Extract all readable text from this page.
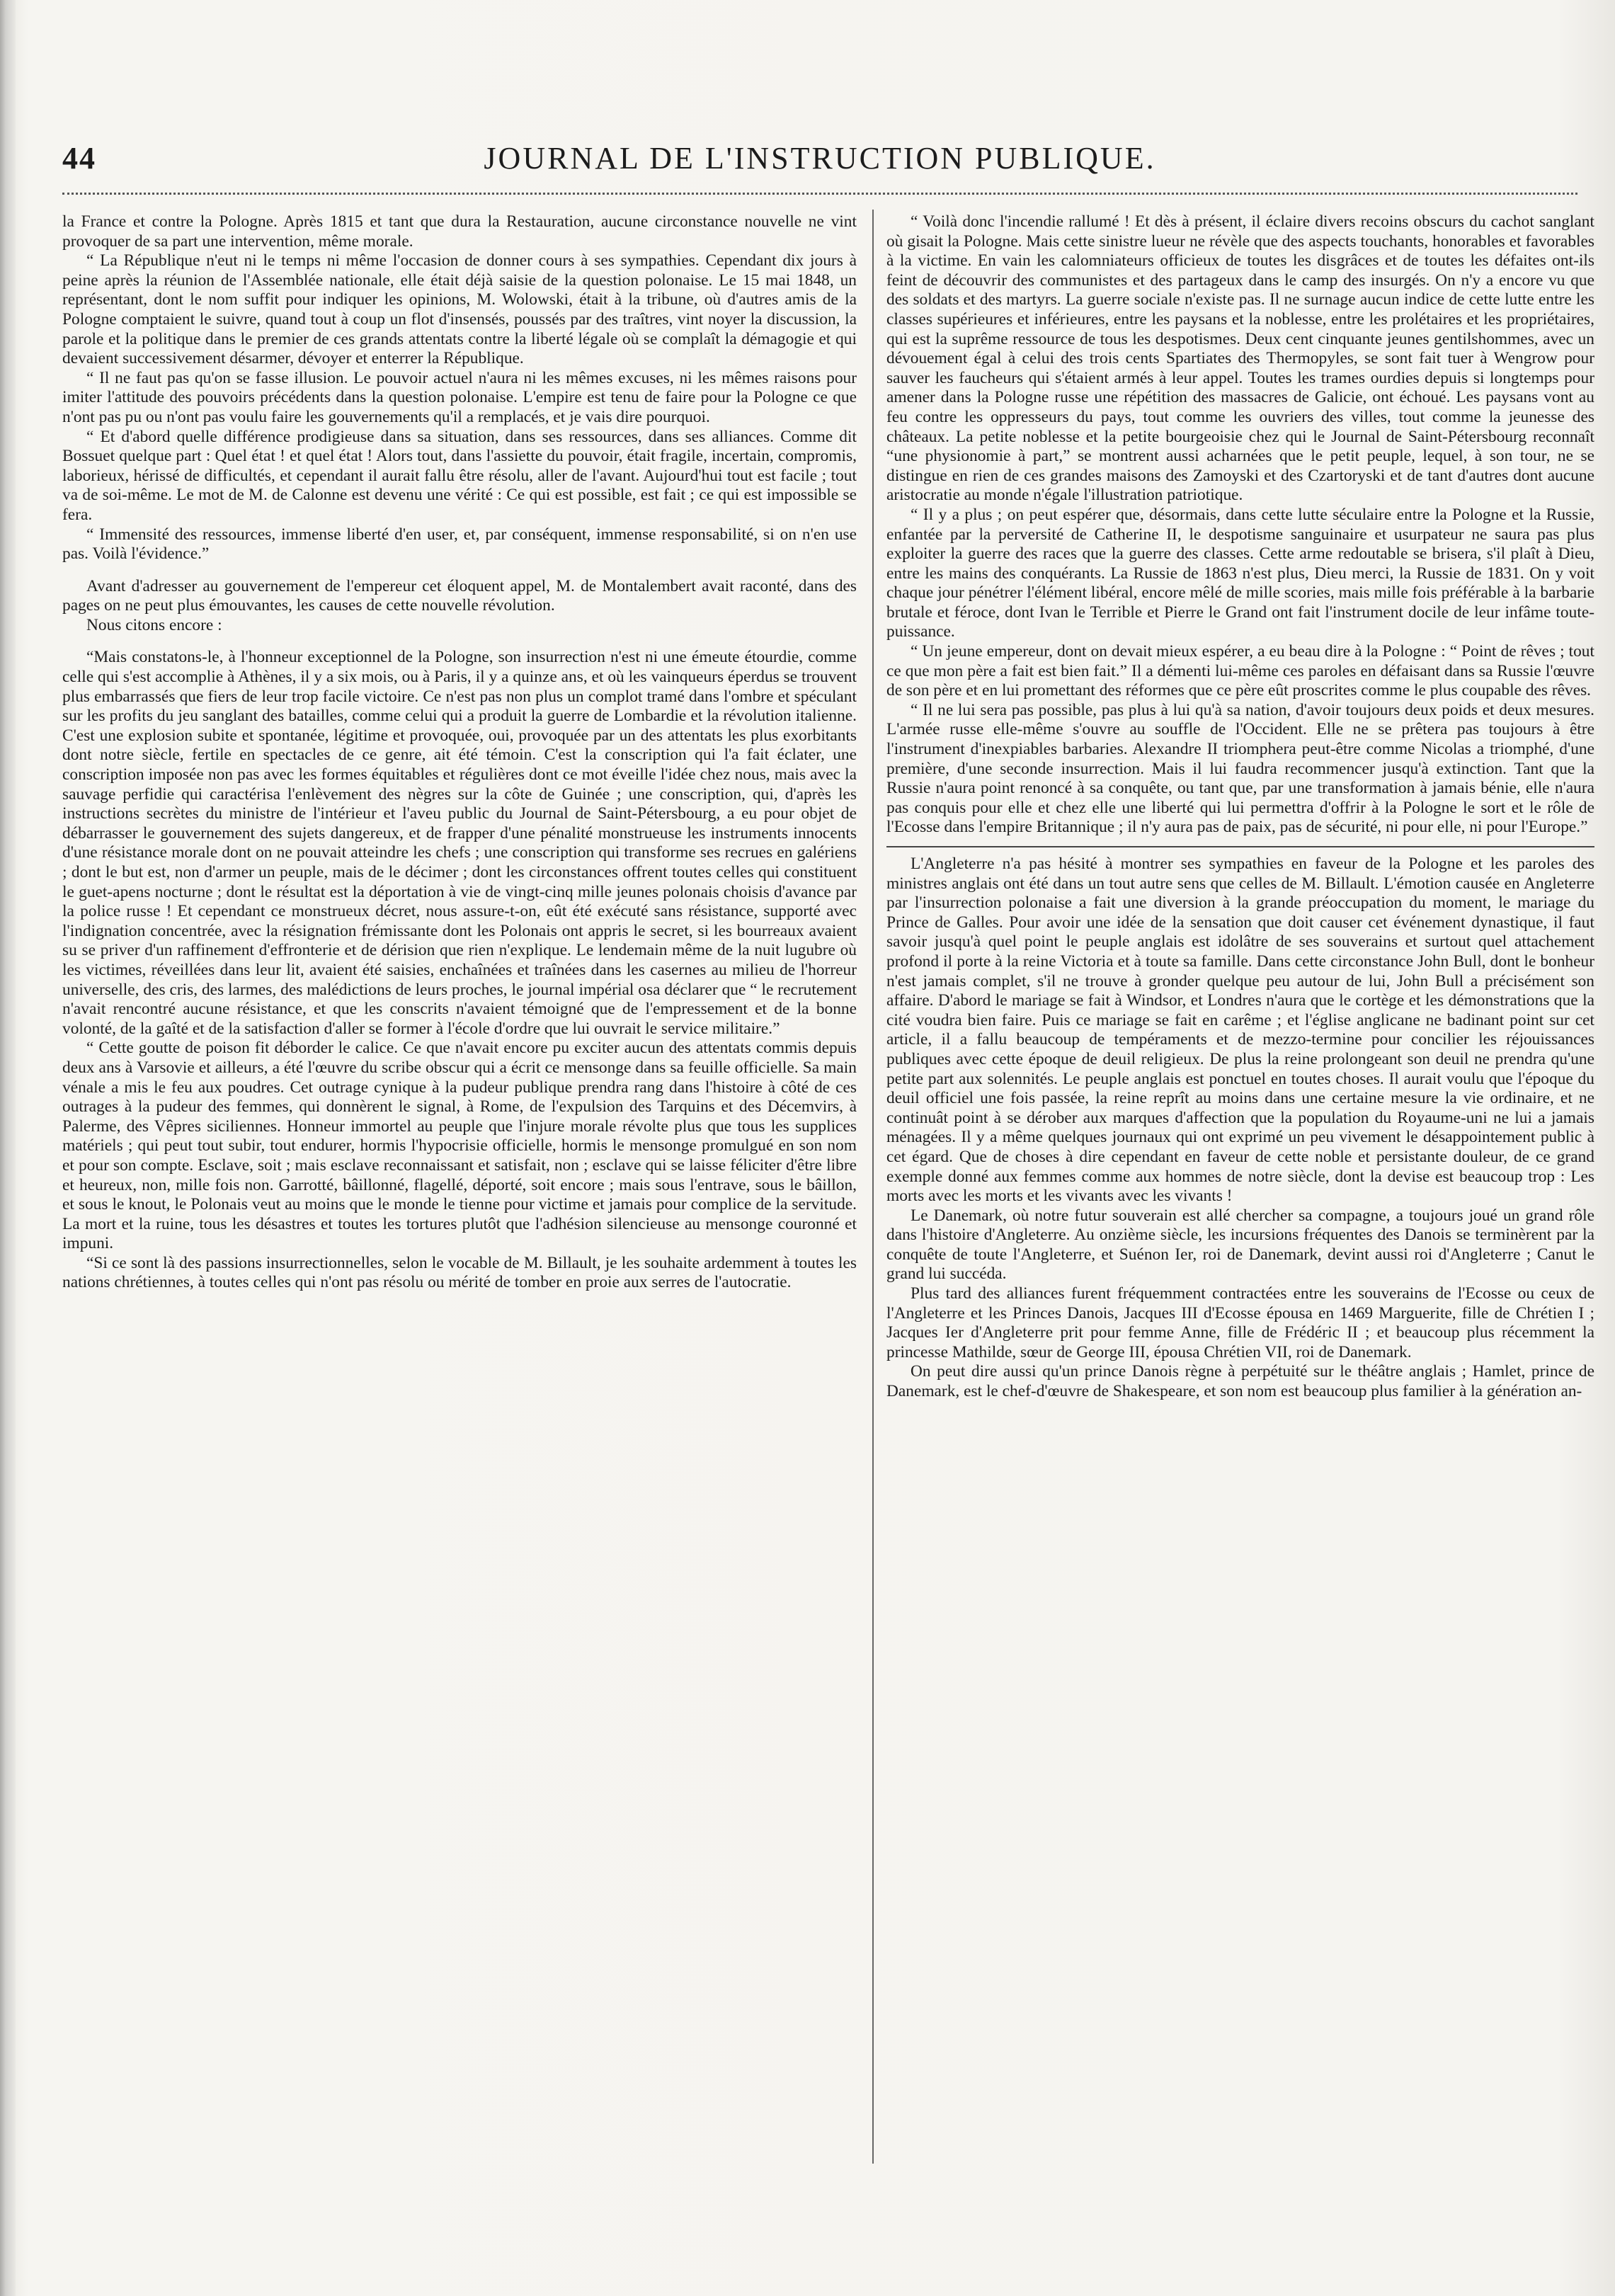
JOURNAL DE L'INSTRUCTION PUBLIQUE.
44

la France et contre la Pologne. Après 1815 et tant que dura la Restauration, aucune circonstance nouvelle ne vint provoquer de sa part une intervention, même morale.

“ La République n'eut ni le temps ni même l'occasion de donner cours à ses sympathies. Cependant dix jours à peine après la réunion de l'Assemblée nationale, elle était déjà saisie de la question polonaise. Le 15 mai 1848, un représentant, dont le nom suffit pour indiquer les opinions, M. Wolowski, était à la tribune, où d'autres amis de la Pologne comptaient le suivre, quand tout à coup un flot d'insensés, poussés par des traîtres, vint noyer la discussion, la parole et la politique dans le premier de ces grands attentats contre la liberté légale où se complaît la démagogie et qui devaient successivement désarmer, dévoyer et enterrer la République.

“ Il ne faut pas qu'on se fasse illusion. Le pouvoir actuel n'aura ni les mêmes excuses, ni les mêmes raisons pour imiter l'attitude des pouvoirs précédents dans la question polonaise. L'empire est tenu de faire pour la Pologne ce que n'ont pas pu ou n'ont pas voulu faire les gouvernements qu'il a remplacés, et je vais dire pourquoi.

“ Et d'abord quelle différence prodigieuse dans sa situation, dans ses ressources, dans ses alliances. Comme dit Bossuet quelque part : Quel état ! et quel état ! Alors tout, dans l'assiette du pouvoir, était fragile, incertain, compromis, laborieux, hérissé de difficultés, et cependant il aurait fallu être résolu, aller de l'avant. Aujourd'hui tout est facile ; tout va de soi-même. Le mot de M. de Calonne est devenu une vérité : Ce qui est possible, est fait ; ce qui est impossible se fera.

“ Immensité des ressources, immense liberté d'en user, et, par conséquent, immense responsabilité, si on n'en use pas. Voilà l'évidence.”

Avant d'adresser au gouvernement de l'empereur cet éloquent appel, M. de Montalembert avait raconté, dans des pages on ne peut plus émouvantes, les causes de cette nouvelle révolution.

Nous citons encore :

“Mais constatons-le, à l'honneur exceptionnel de la Pologne, son insurrection n'est ni une émeute étourdie, comme celle qui s'est accomplie à Athènes, il y a six mois, ou à Paris, il y a quinze ans, et où les vainqueurs éperdus se trouvent plus embarrassés que fiers de leur trop facile victoire. Ce n'est pas non plus un complot tramé dans l'ombre et spéculant sur les profits du jeu sanglant des batailles, comme celui qui a produit la guerre de Lombardie et la révolution italienne. C'est une explosion subite et spontanée, légitime et provoquée, oui, provoquée par un des attentats les plus exorbitants dont notre siècle, fertile en spectacles de ce genre, ait été témoin. C'est la conscription qui l'a fait éclater, une conscription imposée non pas avec les formes équitables et régulières dont ce mot éveille l'idée chez nous, mais avec la sauvage perfidie qui caractérisa l'enlèvement des nègres sur la côte de Guinée ; une conscription, qui, d'après les instructions secrètes du ministre de l'intérieur et l'aveu public du Journal de Saint-Pétersbourg, a eu pour objet de débarrasser le gouvernement des sujets dangereux, et de frapper d'une pénalité monstrueuse les instruments innocents d'une résistance morale dont on ne pouvait atteindre les chefs ; une conscription qui transforme ses recrues en galériens ; dont le but est, non d'armer un peuple, mais de le décimer ; dont les circonstances offrent toutes celles qui constituent le guet-apens nocturne ; dont le résultat est la déportation à vie de vingt-cinq mille jeunes polonais choisis d'avance par la police russe ! Et cependant ce monstrueux décret, nous assure-t-on, eût été exécuté sans résistance, supporté avec l'indignation concentrée, avec la résignation frémissante dont les Polonais ont appris le secret, si les bourreaux avaient su se priver d'un raffinement d'effronterie et de dérision que rien n'explique. Le lendemain même de la nuit lugubre où les victimes, réveillées dans leur lit, avaient été saisies, enchaînées et traînées dans les casernes au milieu de l'horreur universelle, des cris, des larmes, des malédictions de leurs proches, le journal impérial osa déclarer que “ le recrutement n'avait rencontré aucune résistance, et que les conscrits n'avaient témoigné que de l'empressement et de la bonne volonté, de la gaîté et de la satisfaction d'aller se former à l'école d'ordre que lui ouvrait le service militaire.”

“ Cette goutte de poison fit déborder le calice. Ce que n'avait encore pu exciter aucun des attentats commis depuis deux ans à Varsovie et ailleurs, a été l'œuvre du scribe obscur qui a écrit ce mensonge dans sa feuille officielle. Sa main vénale a mis le feu aux poudres. Cet outrage cynique à la pudeur publique prendra rang dans l'histoire à côté de ces outrages à la pudeur des femmes, qui donnèrent le signal, à Rome, de l'expulsion des Tarquins et des Décemvirs, à Palerme, des Vêpres siciliennes. Honneur immortel au peuple que l'injure morale révolte plus que tous les supplices matériels ; qui peut tout subir, tout endurer, hormis l'hypocrisie officielle, hormis le mensonge promulgué en son nom et pour son compte. Esclave, soit ; mais esclave reconnaissant et satisfait, non ; esclave qui se laisse féliciter d'être libre et heureux, non, mille fois non. Garrotté, bâillonné, flagellé, déporté, soit encore ; mais sous l'entrave, sous le bâillon, et sous le knout, le Polonais veut au moins que le monde le tienne pour victime et jamais pour complice de la servitude. La mort et la ruine, tous les désastres et toutes les tortures plutôt que l'adhésion silencieuse au mensonge couronné et impuni.

“Si ce sont là des passions insurrectionnelles, selon le vocable de M. Billault, je les souhaite ardemment à toutes les nations chrétiennes, à toutes celles qui n'ont pas résolu ou mérité de tomber en proie aux serres de l'autocratie.

“ Voilà donc l'incendie rallumé ! Et dès à présent, il éclaire divers recoins obscurs du cachot sanglant où gisait la Pologne. Mais cette sinistre lueur ne révèle que des aspects touchants, honorables et favorables à la victime. En vain les calomniateurs officieux de toutes les disgrâces et de toutes les défaites ont-ils feint de découvrir des communistes et des partageux dans le camp des insurgés. On n'y a encore vu que des soldats et des martyrs. La guerre sociale n'existe pas. Il ne surnage aucun indice de cette lutte entre les classes supérieures et inférieures, entre les paysans et la noblesse, entre les prolétaires et les propriétaires, qui est la suprême ressource de tous les despotismes. Deux cent cinquante jeunes gentilshommes, avec un dévouement égal à celui des trois cents Spartiates des Thermopyles, se sont fait tuer à Wengrow pour sauver les faucheurs qui s'étaient armés à leur appel. Toutes les trames ourdies depuis si longtemps pour amener dans la Pologne russe une répétition des massacres de Galicie, ont échoué. Les paysans vont au feu contre les oppresseurs du pays, tout comme les ouvriers des villes, tout comme la jeunesse des châteaux. La petite noblesse et la petite bourgeoisie chez qui le Journal de Saint-Pétersbourg reconnaît “une physionomie à part,” se montrent aussi acharnées que le petit peuple, lequel, à son tour, ne se distingue en rien de ces grandes maisons des Zamoyski et des Czartoryski et de tant d'autres dont aucune aristocratie au monde n'égale l'illustration patriotique.

“ Il y a plus ; on peut espérer que, désormais, dans cette lutte séculaire entre la Pologne et la Russie, enfantée par la perversité de Catherine II, le despotisme sanguinaire et usurpateur ne saura pas plus exploiter la guerre des races que la guerre des classes. Cette arme redoutable se brisera, s'il plaît à Dieu, entre les mains des conquérants. La Russie de 1863 n'est plus, Dieu merci, la Russie de 1831. On y voit chaque jour pénétrer l'élément libéral, encore mêlé de mille scories, mais mille fois préférable à la barbarie brutale et féroce, dont Ivan le Terrible et Pierre le Grand ont fait l'instrument docile de leur infâme toute-puissance.

“ Un jeune empereur, dont on devait mieux espérer, a eu beau dire à la Pologne : “ Point de rêves ; tout ce que mon père a fait est bien fait.” Il a démenti lui-même ces paroles en défaisant dans sa Russie l'œuvre de son père et en lui promettant des réformes que ce père eût proscrites comme le plus coupable des rêves.

“ Il ne lui sera pas possible, pas plus à lui qu'à sa nation, d'avoir toujours deux poids et deux mesures. L'armée russe elle-même s'ouvre au souffle de l'Occident. Elle ne se prêtera pas toujours à être l'instrument d'inexpiables barbaries. Alexandre II triomphera peut-être comme Nicolas a triomphé, d'une première, d'une seconde insurrection. Mais il lui faudra recommencer jusqu'à extinction. Tant que la Russie n'aura point renoncé à sa conquête, ou tant que, par une transformation à jamais bénie, elle n'aura pas conquis pour elle et chez elle une liberté qui lui permettra d'offrir à la Pologne le sort et le rôle de l'Ecosse dans l'empire Britannique ; il n'y aura pas de paix, pas de sécurité, ni pour elle, ni pour l'Europe.”

L'Angleterre n'a pas hésité à montrer ses sympathies en faveur de la Pologne et les paroles des ministres anglais ont été dans un tout autre sens que celles de M. Billault. L'émotion causée en Angleterre par l'insurrection polonaise a fait une diversion à la grande préoccupation du moment, le mariage du Prince de Galles. Pour avoir une idée de la sensation que doit causer cet événement dynastique, il faut savoir jusqu'à quel point le peuple anglais est idolâtre de ses souverains et surtout quel attachement profond il porte à la reine Victoria et à toute sa famille. Dans cette circonstance John Bull, dont le bonheur n'est jamais complet, s'il ne trouve à gronder quelque peu autour de lui, John Bull a précisément son affaire. D'abord le mariage se fait à Windsor, et Londres n'aura que le cortège et les démonstrations que la cité voudra bien faire. Puis ce mariage se fait en carême ; et l'église anglicane ne badinant point sur cet article, il a fallu beaucoup de tempéraments et de mezzo-termine pour concilier les réjouissances publiques avec cette époque de deuil religieux. De plus la reine prolongeant son deuil ne prendra qu'une petite part aux solennités. Le peuple anglais est ponctuel en toutes choses. Il aurait voulu que l'époque du deuil officiel une fois passée, la reine reprît au moins dans une certaine mesure la vie ordinaire, et ne continuât point à se dérober aux marques d'affection que la population du Royaume-uni ne lui a jamais ménagées. Il y a même quelques journaux qui ont exprimé un peu vivement le désappointement public à cet égard. Que de choses à dire cependant en faveur de cette noble et persistante douleur, de ce grand exemple donné aux femmes comme aux hommes de notre siècle, dont la devise est beaucoup trop : Les morts avec les morts et les vivants avec les vivants !

Le Danemark, où notre futur souverain est allé chercher sa compagne, a toujours joué un grand rôle dans l'histoire d'Angleterre. Au onzième siècle, les incursions fréquentes des Danois se terminèrent par la conquête de toute l'Angleterre, et Suénon Ier, roi de Danemark, devint aussi roi d'Angleterre ; Canut le grand lui succéda.

Plus tard des alliances furent fréquemment contractées entre les souverains de l'Ecosse ou ceux de l'Angleterre et les Princes Danois, Jacques III d'Ecosse épousa en 1469 Marguerite, fille de Chrétien I ; Jacques Ier d'Angleterre prit pour femme Anne, fille de Frédéric II ; et beaucoup plus récemment la princesse Mathilde, sœur de George III, épousa Chrétien VII, roi de Danemark.

On peut dire aussi qu'un prince Danois règne à perpétuité sur le théâtre anglais ; Hamlet, prince de Danemark, est le chef-d'œuvre de Shakespeare, et son nom est beaucoup plus familier à la génération an-
